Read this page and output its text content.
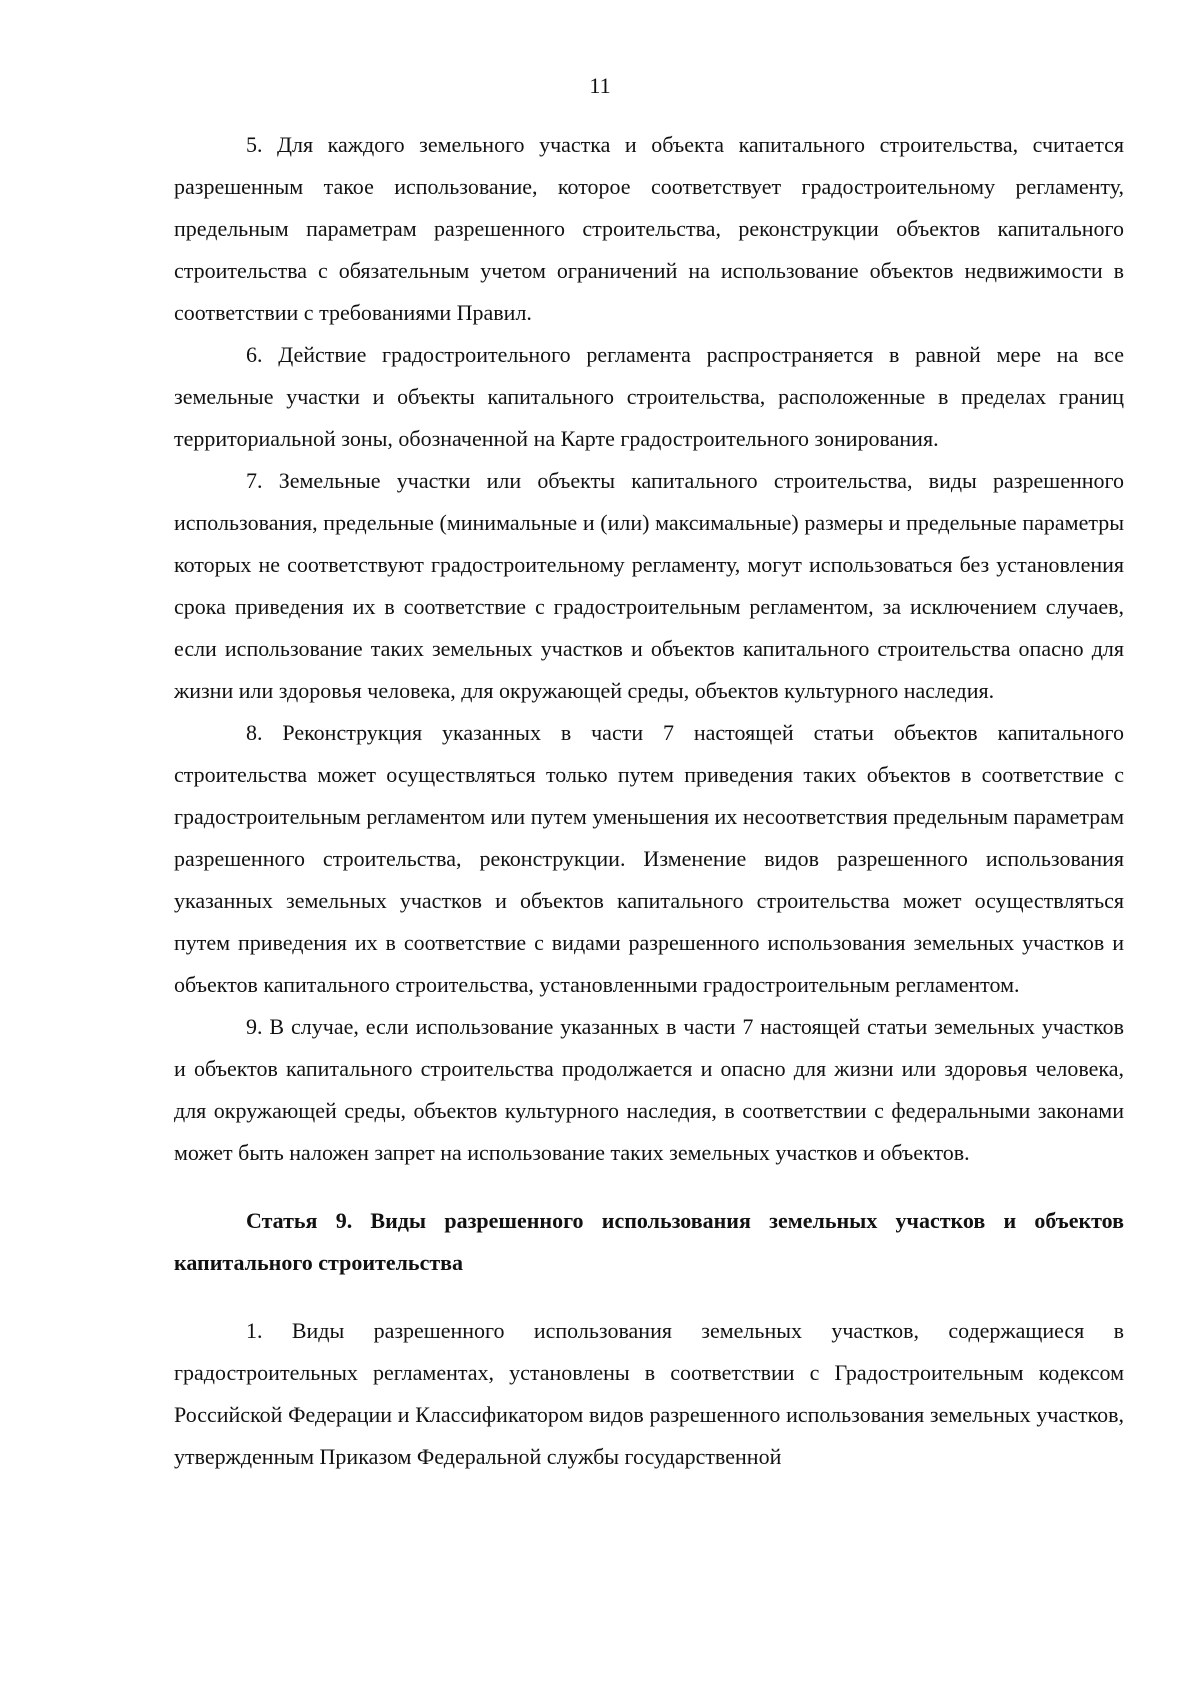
11

5. Для каждого земельного участка и объекта капитального строительства, считается разрешенным такое использование, которое соответствует градостроительному регламенту, предельным параметрам разрешенного строительства, реконструкции объектов капитального строительства с обязательным учетом ограничений на использование объектов недвижимости в соответствии с требованиями Правил.

6. Действие градостроительного регламента распространяется в равной мере на все земельные участки и объекты капитального строительства, расположенные в пределах границ территориальной зоны, обозначенной на Карте градостроительного зонирования.

7. Земельные участки или объекты капитального строительства, виды разрешенного использования, предельные (минимальные и (или) максимальные) размеры и предельные параметры которых не соответствуют градостроительному регламенту, могут использоваться без установления срока приведения их в соответствие с градостроительным регламентом, за исключением случаев, если использование таких земельных участков и объектов капитального строительства опасно для жизни или здоровья человека, для окружающей среды, объектов культурного наследия.

8. Реконструкция указанных в части 7 настоящей статьи объектов капитального строительства может осуществляться только путем приведения таких объектов в соответствие с градостроительным регламентом или путем уменьшения их несоответствия предельным параметрам разрешенного строительства, реконструкции. Изменение видов разрешенного использования указанных земельных участков и объектов капитального строительства может осуществляться путем приведения их в соответствие с видами разрешенного использования земельных участков и объектов капитального строительства, установленными градостроительным регламентом.

9. В случае, если использование указанных в части 7 настоящей статьи земельных участков и объектов капитального строительства продолжается и опасно для жизни или здоровья человека, для окружающей среды, объектов культурного наследия, в соответствии с федеральными законами может быть наложен запрет на использование таких земельных участков и объектов.

Статья 9. Виды разрешенного использования земельных участков и объектов капитального строительства

1. Виды разрешенного использования земельных участков, содержащиеся в градостроительных регламентах, установлены в соответствии с Градостроительным кодексом Российской Федерации и Классификатором видов разрешенного использования земельных участков, утвержденным Приказом Федеральной службы государственной
